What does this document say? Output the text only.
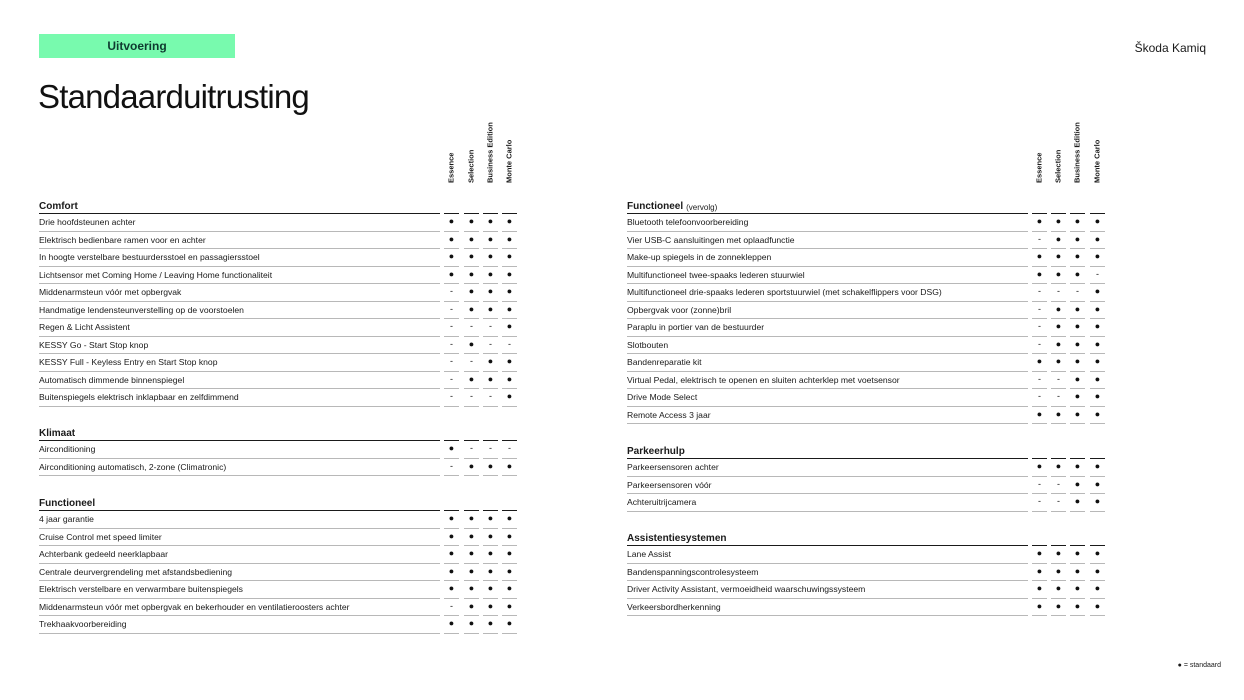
Uitvoering	Škoda Kamiq
Standaarduitrusting
Essence Selection Business Edition Monte Carlo
Comfort
Drie hoofdsteunen achter	●	●	●	●
Elektrisch bedienbare ramen voor en achter	●	●	●	●
In hoogte verstelbare bestuurdersstoel en passagiersstoel	●	●	●	●
Lichtsensor met Coming Home / Leaving Home functionaliteit	●	●	●	●
Middenarmsteun vóór met opbergvak	-	●	●	●
Handmatige lendensteunverstelling op de voorstoelen	-	●	●	●
Regen & Licht Assistent	-	-	-	●
KESSY Go - Start Stop knop	-	●	-	-
KESSY Full - Keyless Entry en Start Stop knop	-	-	●	●
Automatisch dimmende binnenspiegel	-	●	●	●
Buitenspiegels elektrisch inklapbaar en zelfdimmend	-	-	-	●
Klimaat
Airconditioning	●	-	-	-
Airconditioning automatisch, 2-zone (Climatronic)	-	●	●	●
Functioneel
4 jaar garantie	●	●	●	●
Cruise Control met speed limiter	●	●	●	●
Achterbank gedeeld neerklapbaar	●	●	●	●
Centrale deurvergrendeling met afstandsbediening	●	●	●	●
Elektrisch verstelbare en verwarmbare buitenspiegels	●	●	●	●
Middenarmsteun vóór met opbergvak en bekerhouder en ventilatieroosters achter	-	●	●	●
Trekhaakvoorbereiding	●	●	●	●
Essence Selection Business Edition Monte Carlo
Functioneel (vervolg)
Bluetooth telefoonvoorbereiding	●	●	●	●
Vier USB-C aansluitingen met oplaadfunctie	-	●	●	●
Make-up spiegels in de zonnekleppen	●	●	●	●
Multifunctioneel twee-spaaks lederen stuurwiel	●	●	●	-
Multifunctioneel drie-spaaks lederen sportstuurwiel (met schakelflippers voor DSG)	-	-	-	●
Opbergvak voor (zonne)bril	-	●	●	●
Paraplu in portier van de bestuurder	-	●	●	●
Slotbouten	-	●	●	●
Bandenreparatie kit	●	●	●	●
Virtual Pedal, elektrisch te openen en sluiten achterklep met voetsensor	-	-	●	●
Drive Mode Select	-	-	●	●
Remote Access 3 jaar	●	●	●	●
Parkeerhulp
Parkeersensoren achter	●	●	●	●
Parkeersensoren vóór	-	-	●	●
Achteruitrijcamera	-	-	●	●
Assistentiesystemen
Lane Assist	●	●	●	●
Bandenspanningscontrolesysteem	●	●	●	●
Driver Activity Assistant, vermoeidheid waarschuwingssysteem	●	●	●	●
Verkeersbordherkenning	●	●	●	●
● = standaard
